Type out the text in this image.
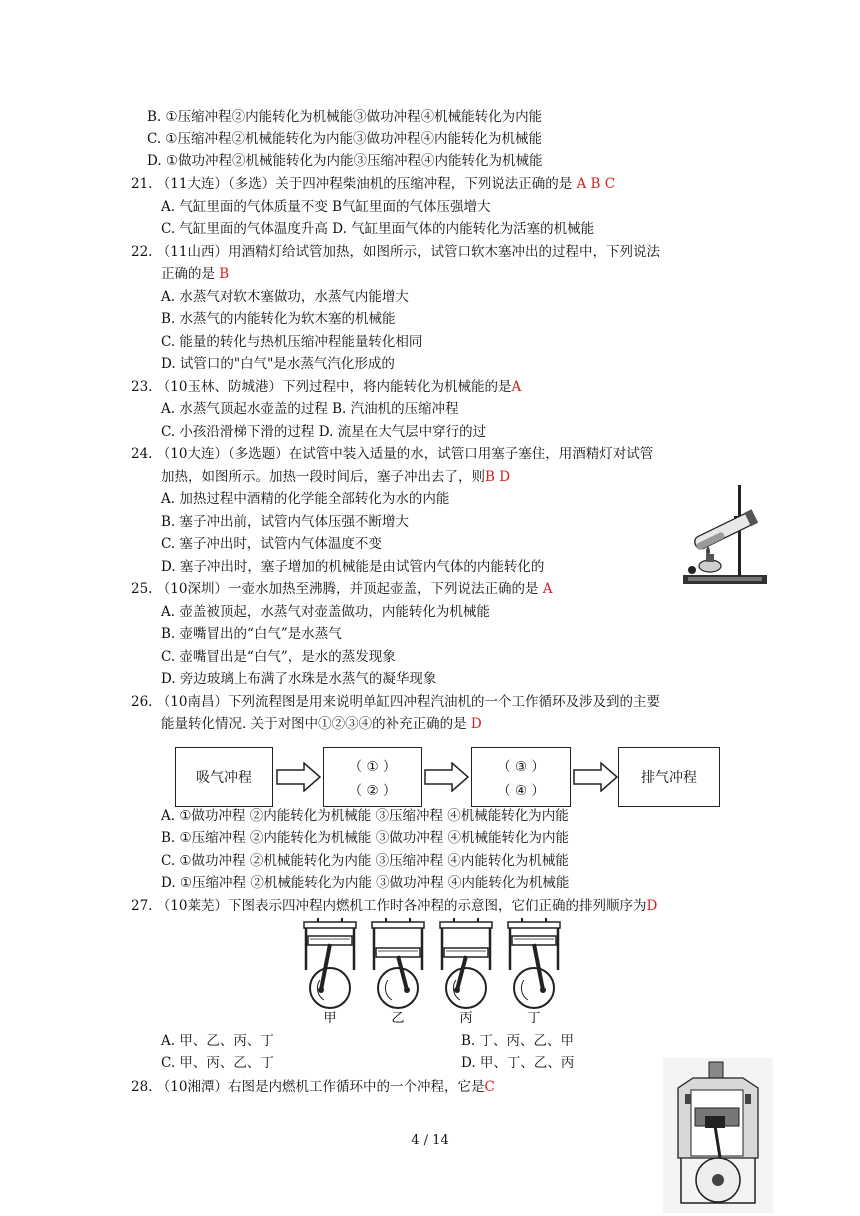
B. ①压缩冲程②内能转化为机械能③做功冲程④机械能转化为内能
C. ①压缩冲程②机械能转化为内能③做功冲程④内能转化为机械能
D. ①做功冲程②机械能转化为内能③压缩冲程④内能转化为机械能
21. （11大连）（多选）关于四冲程柴油机的压缩冲程，下列说法正确的是 A B C
A. 气缸里面的气体质量不变 B气缸里面的气体压强增大
C. 气缸里面的气体温度升高 D. 气缸里面气体的内能转化为活塞的机械能
22. （11山西）用酒精灯给试管加热，如图所示，试管口软木塞冲出的过程中，下列说法
正确的是 B
A. 水蒸气对软木塞做功，水蒸气内能增大
B. 水蒸气的内能转化为软木塞的机械能
C. 能量的转化与热机压缩冲程能量转化相同
D. 试管口的"白气"是水蒸气汽化形成的
23. （10玉林、防城港）下列过程中，将内能转化为机械能的是A
A. 水蒸气顶起水壶盖的过程 B. 汽油机的压缩冲程
C. 小孩沿滑梯下滑的过程 D. 流星在大气层中穿行的过
24. （10大连）（多选题）在试管中装入适量的水，试管口用塞子塞住，用酒精灯对试管
加热，如图所示。加热一段时间后，塞子冲出去了，则B D
A. 加热过程中酒精的化学能全部转化为水的内能
B. 塞子冲出前，试管内气体压强不断增大
C. 塞子冲出时，试管内气体温度不变
D. 塞子冲出时，塞子增加的机械能是由试管内气体的内能转化的
25. （10深圳）一壶水加热至沸腾，并顶起壶盖，下列说法正确的是 A
A. 壶盖被顶起，水蒸气对壶盖做功，内能转化为机械能
B. 壶嘴冒出的“白气”是水蒸气
C. 壶嘴冒出是“白气”，是水的蒸发现象
D. 旁边玻璃上布满了水珠是水蒸气的凝华现象
26. （10南昌）下列流程图是用来说明单缸四冲程汽油机的一个工作循环及涉及到的主要
能量转化情况. 关于对图中①②③④的补充正确的是 D
吸气冲程
（ ① ）
（ ② ）
（ ③ ）
（ ④ ）
排气冲程
A. ①做功冲程 ②内能转化为机械能 ③压缩冲程 ④机械能转化为内能
B. ①压缩冲程 ②内能转化为机械能 ③做功冲程 ④机械能转化为内能
C. ①做功冲程 ②机械能转化为内能 ③压缩冲程 ④内能转化为机械能
D. ①压缩冲程 ②机械能转化为内能 ③做功冲程 ④内能转化为机械能
27. （10莱芜）下图表示四冲程内燃机工作时各冲程的示意图，它们正确的排列顺序为D
甲	乙	丙	丁
A. 甲、乙、丙、丁	B. 丁、丙、乙、甲
C. 甲、丙、乙、丁	D. 甲、丁、乙、丙
28. （10湘潭）右图是内燃机工作循环中的一个冲程，它是C
4 / 14
